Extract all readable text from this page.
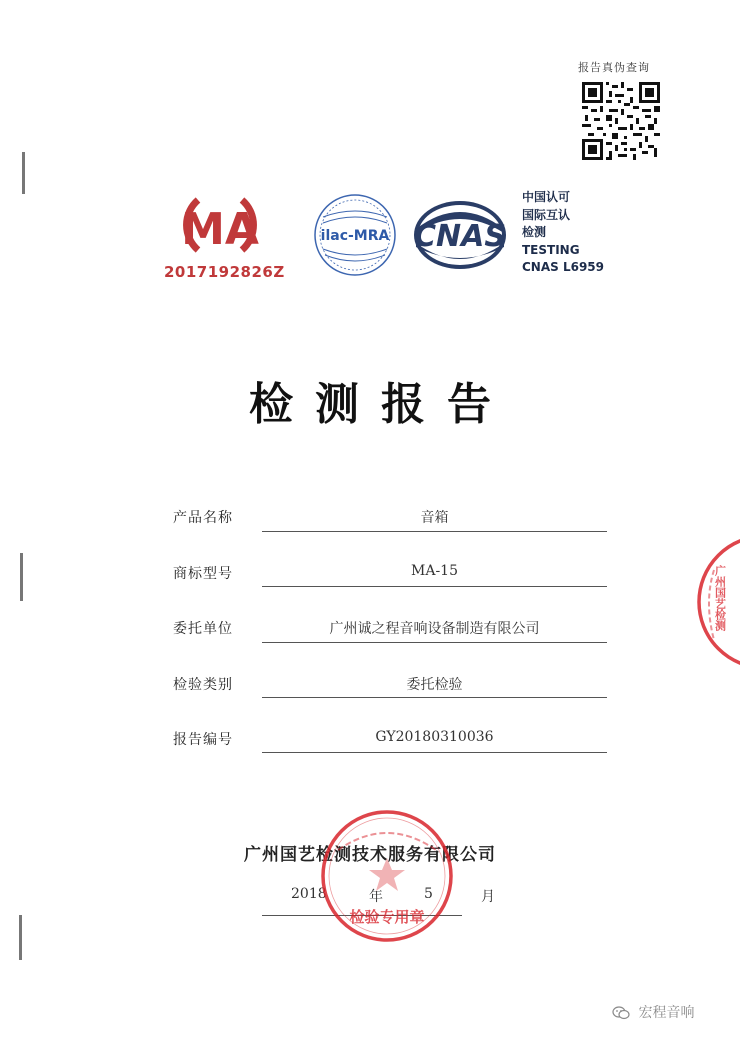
报告真伪查询
MA	ilac-MRA CNAS
2017192826Z
中国认可
国际互认
检测
TESTING
CNAS L6959
检测报告
产品名称	音箱
商标型号	MA-15
委托单位	广州诚之程音响设备制造有限公司
检验类别	委托检验
报告编号	GY20180310036
广州国艺检测技术服务有限公司
2018	年	5	月
检验专用章
广州国艺检测
宏程音响
